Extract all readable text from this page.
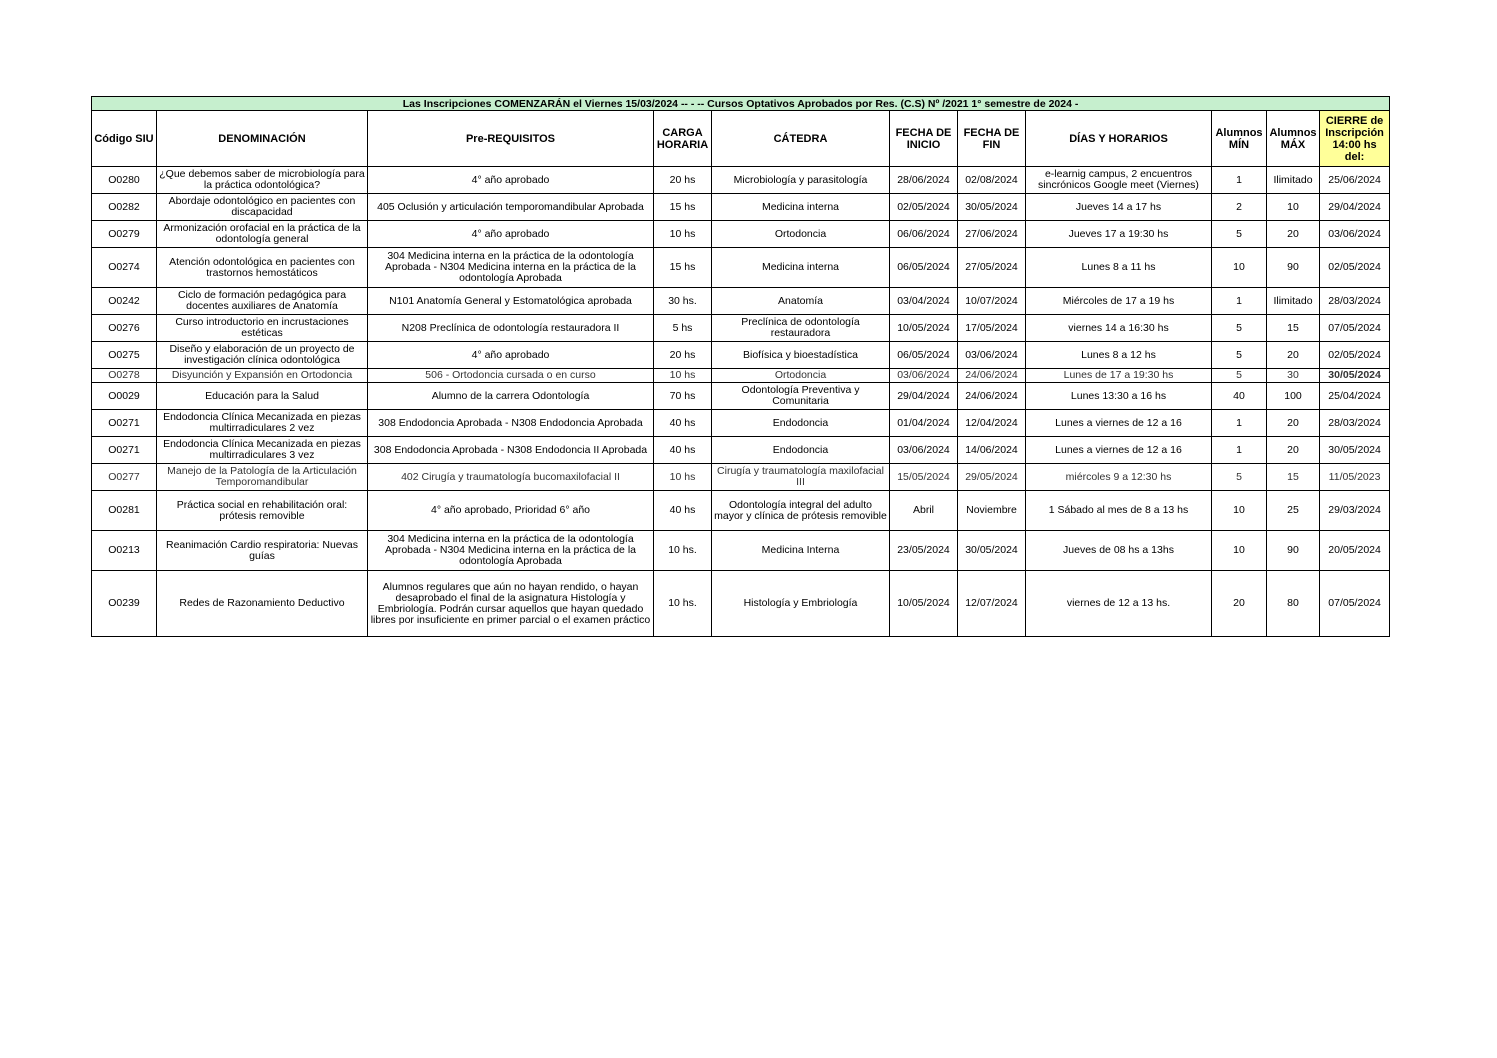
Las Inscripciones COMENZARÁN el Viernes 15/03/2024 -- - -- Cursos Optativos Aprobados por Res. (C.S) Nº /2021 1° semestre de 2024 -										
Código SIU	DENOMINACIÓN	Pre-REQUISITOS	CARGA HORARIA	CÁTEDRA	FECHA DE INICIO	FECHA DE FIN	DÍAS Y HORARIOS	Alumnos MÍN	Alumnos MÁX	CIERRE de Inscripción 14:00 hs del:
O0280	¿Que debemos saber de microbiología para la práctica odontológica?	4° año aprobado	20 hs	Microbiología y parasitología	28/06/2024	02/08/2024	e-learnig campus, 2 encuentros sincrónicos Google meet (Viernes)	1	Ilimitado	25/06/2024
O0282	Abordaje odontológico en pacientes con discapacidad	405 Oclusión y articulación temporomandibular Aprobada	15 hs	Medicina interna	02/05/2024	30/05/2024	Jueves 14 a 17 hs	2	10	29/04/2024
O0279	Armonización orofacial en la práctica de la odontología general	4° año aprobado	10 hs	Ortodoncia	06/06/2024	27/06/2024	Jueves 17 a 19:30 hs	5	20	03/06/2024
O0274	Atención odontológica en pacientes con trastornos hemostáticos	304 Medicina interna en la práctica de la odontología Aprobada - N304 Medicina interna en la práctica de la odontología Aprobada	15 hs	Medicina interna	06/05/2024	27/05/2024	Lunes 8 a 11 hs	10	90	02/05/2024
O0242	Ciclo de formación pedagógica para docentes auxiliares de Anatomía	N101 Anatomía General y Estomatológica aprobada	30 hs.	Anatomía	03/04/2024	10/07/2024	Miércoles de 17 a 19 hs	1	Ilimitado	28/03/2024
O0276	Curso introductorio en incrustaciones estéticas	N208 Preclínica de odontología restauradora II	5 hs	Preclínica de odontología restauradora	10/05/2024	17/05/2024	viernes 14 a 16:30 hs	5	15	07/05/2024
O0275	Diseño y elaboración de un proyecto de investigación clínica odontológica	4° año aprobado	20 hs	Biofísica y bioestadística	06/05/2024	03/06/2024	Lunes 8 a 12 hs	5	20	02/05/2024
O0278	Disyunción y Expansión en Ortodoncia	506 - Ortodoncia cursada o en curso	10 hs	Ortodoncia	03/06/2024	24/06/2024	Lunes de 17 a 19:30 hs	5	30	30/05/2024
O0029	Educación para la Salud	Alumno de la carrera Odontología	70 hs	Odontología Preventiva y Comunitaria	29/04/2024	24/06/2024	Lunes 13:30 a 16 hs	40	100	25/04/2024
O0271	Endodoncia Clínica Mecanizada en piezas multirradiculares 2 vez	308 Endodoncia Aprobada - N308 Endodoncia Aprobada	40 hs	Endodoncia	01/04/2024	12/04/2024	Lunes a viernes de 12 a 16	1	20	28/03/2024
O0271	Endodoncia Clínica Mecanizada en piezas multirradiculares 3 vez	308 Endodoncia Aprobada - N308 Endodoncia II Aprobada	40 hs	Endodoncia	03/06/2024	14/06/2024	Lunes a viernes de 12 a 16	1	20	30/05/2024
O0277	Manejo de la Patología de la Articulación Temporomandibular	402 Cirugía y traumatología bucomaxilofacial II	10 hs	Cirugía y traumatología maxilofacial III	15/05/2024	29/05/2024	miércoles 9 a 12:30 hs	5	15	11/05/2023
O0281	Práctica social en rehabilitación oral: prótesis removible	4° año aprobado, Prioridad 6° año	40 hs	Odontología integral del adulto mayor y clínica de prótesis removible	Abril	Noviembre	1 Sábado al mes de 8 a 13 hs	10	25	29/03/2024
O0213	Reanimación Cardio respiratoria: Nuevas guías	304 Medicina interna en la práctica de la odontología Aprobada - N304 Medicina interna en la práctica de la odontología Aprobada	10 hs.	Medicina Interna	23/05/2024	30/05/2024	Jueves de 08 hs a 13hs	10	90	20/05/2024
O0239	Redes de Razonamiento Deductivo	Alumnos regulares que aún no hayan rendido, o hayan desaprobado el final de la asignatura Histología y Embriología. Podrán cursar aquellos que hayan quedado libres por insuficiente en primer parcial o el examen práctico	10 hs.	Histología y Embriología	10/05/2024	12/07/2024	viernes de 12 a 13 hs.	20	80	07/05/2024
